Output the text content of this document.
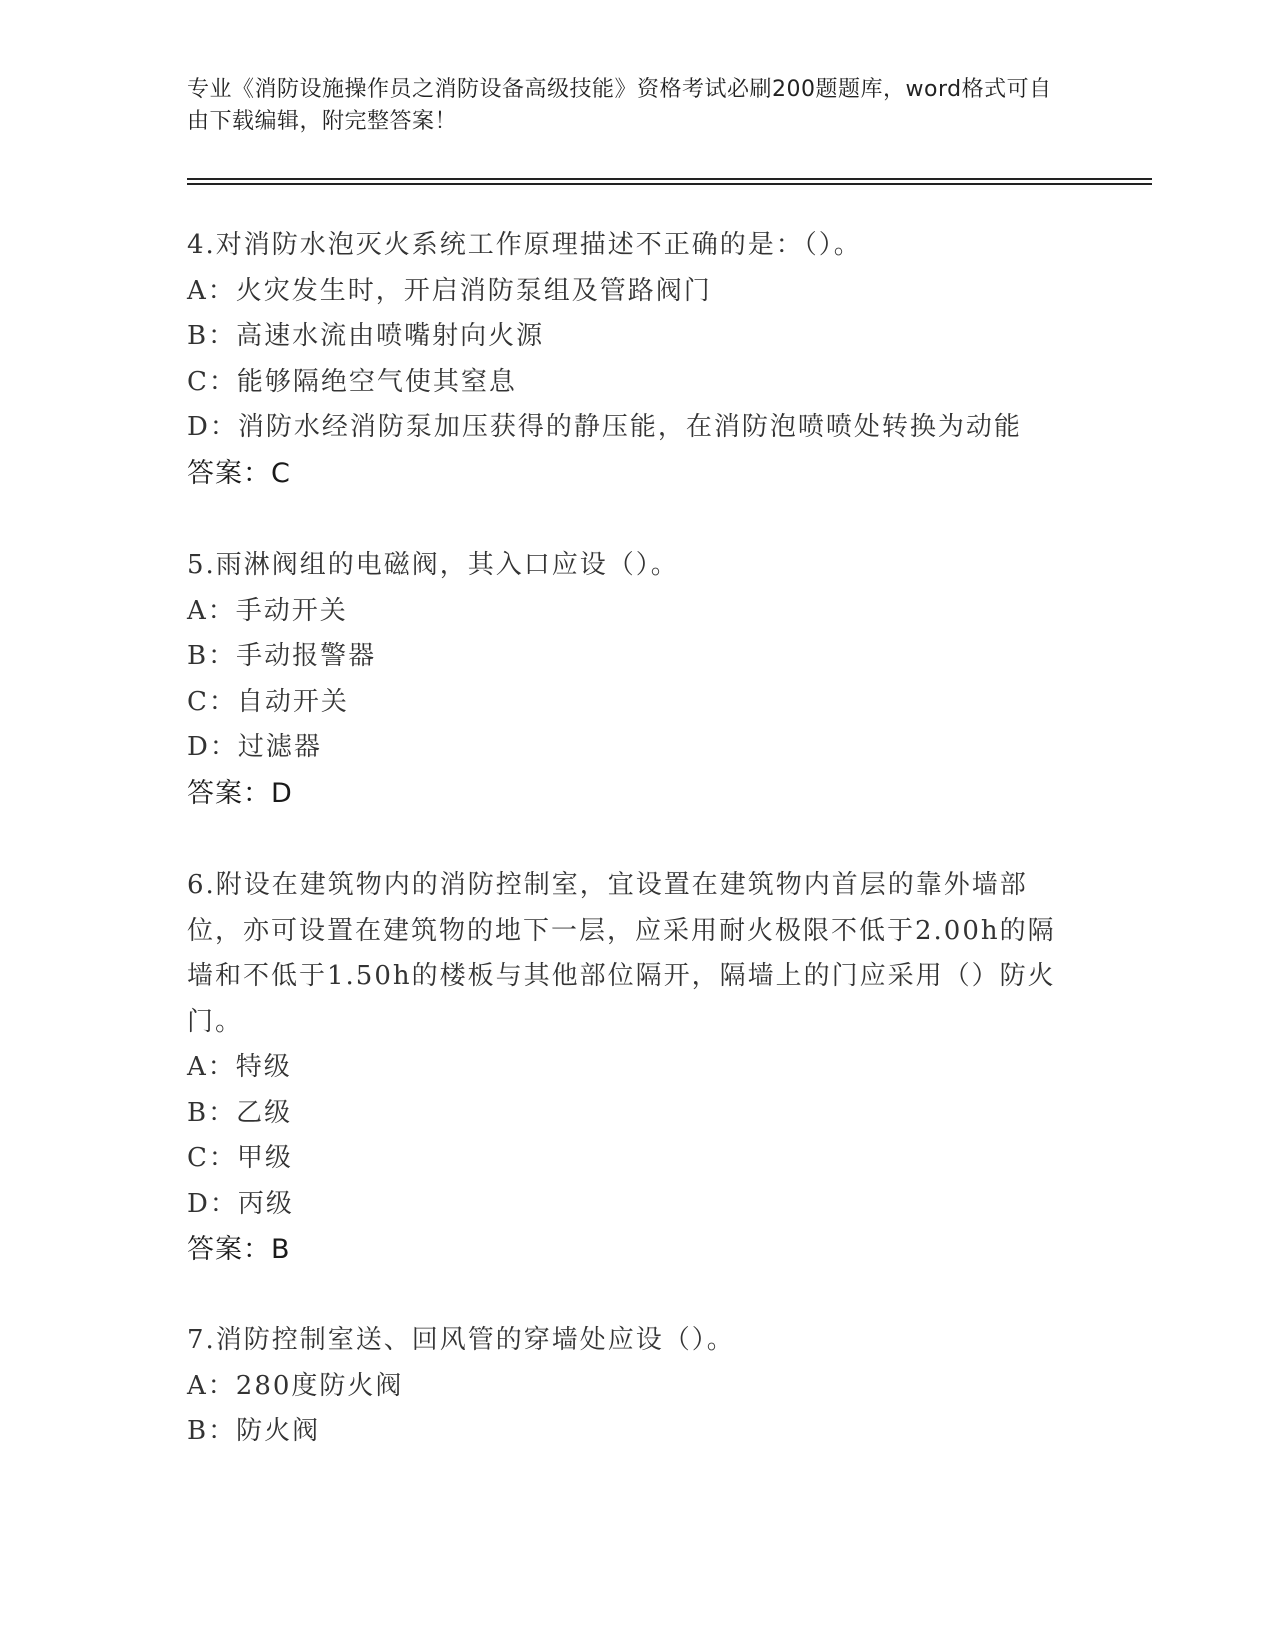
专业《消防设施操作员之消防设备高级技能》资格考试必刷200题题库，word格式可自由下载编辑，附完整答案！
4.对消防水泡灭火系统工作原理描述不正确的是：（）。
A：火灾发生时，开启消防泵组及管路阀门
B：高速水流由喷嘴射向火源
C：能够隔绝空气使其窒息
D：消防水经消防泵加压获得的静压能，在消防泡喷喷处转换为动能
答案：C
5.雨淋阀组的电磁阀，其入口应设（）。
A：手动开关
B：手动报警器
C：自动开关
D：过滤器
答案：D
6.附设在建筑物内的消防控制室，宜设置在建筑物内首层的靠外墙部位，亦可设置在建筑物的地下一层，应采用耐火极限不低于2.00h的隔墙和不低于1.50h的楼板与其他部位隔开，隔墙上的门应采用（）防火门。
A：特级
B：乙级
C：甲级
D：丙级
答案：B
7.消防控制室送、回风管的穿墙处应设（）。
A：280度防火阀
B：防火阀
